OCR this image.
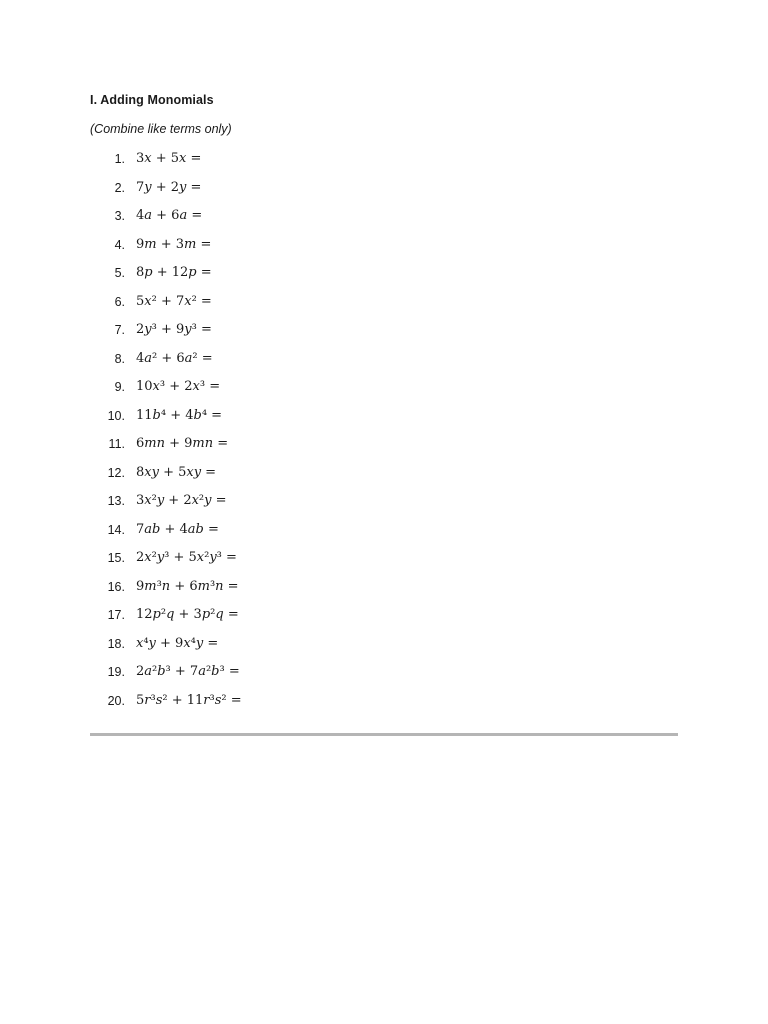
I. Adding Monomials
(Combine like terms only)
1. 3𝑥 + 5𝑥 =
2. 7𝑦 + 2𝑦 =
3. 4𝑎 + 6𝑎 =
4. 9𝑚 + 3𝑚 =
5. 8𝑝 + 12𝑝 =
6. 5𝑥² + 7𝑥² =
7. 2𝑦³ + 9𝑦³ =
8. 4𝑎² + 6𝑎² =
9. 10𝑥³ + 2𝑥³ =
10. 11𝑏⁴ + 4𝑏⁴ =
11. 6𝑚𝑛 + 9𝑚𝑛 =
12. 8𝑥𝑦 + 5𝑥𝑦 =
13. 3𝑥²𝑦 + 2𝑥²𝑦 =
14. 7𝑎𝑏 + 4𝑎𝑏 =
15. 2𝑥²𝑦³ + 5𝑥²𝑦³ =
16. 9𝑚³𝑛 + 6𝑚³𝑛 =
17. 12𝑝²𝑞 + 3𝑝²𝑞 =
18. 𝑥⁴𝑦 + 9𝑥⁴𝑦 =
19. 2𝑎²𝑏³ + 7𝑎²𝑏³ =
20. 5𝑟³𝑠² + 11𝑟³𝑠² =
